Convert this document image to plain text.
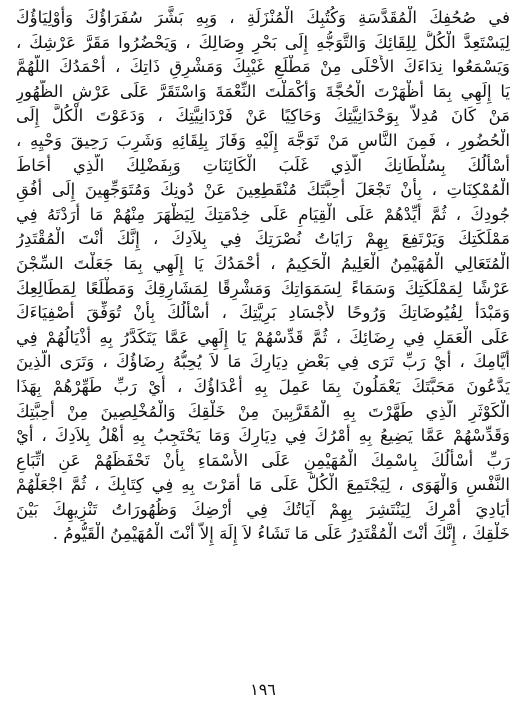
في صُحُفِكَ الْمُقَدَّسَةِ وَكُتُبِكَ الْمُنْزَلَةِ ، وَبِهِ بَشَّرَ سُفَرَاؤُكَ وَأَوْلِيَاؤُكَ
لِيَسْتَعِدَّ الْكُلُّ لِلِقَائِكَ وَالتَّوَجُّهِ إِلَى بَحْرِ وِصَالِكَ ، وَيَحْضُرُوا مَقَرَّ عَرْشِكَ ،
وَيَسْمَعُوا نِدَاءَكَ الأَحْلَى مِنْ مَطْلَعِ غَيْبِكَ وَمَشْرِقِ ذَاتِكَ ، أَحْمَدُكَ اللَّهُمَّ
يَا إِلَهِي بِمَا أَظْهَرْتَ الْحُجَّةَ وَأَكْمَلْتَ النِّعْمَةَ وَاسْتَقَرَّ عَلَى عَرْشِ الظُّهُورِ
مَنْ كَانَ مُدِلاًّ بِوَحْدَانِيَّتِكَ وَحَاكِيًا عَنْ فَرْدَانِيَّتِكَ ، وَدَعَوْتَ الْكُلَّ إِلَى
الْحُضُورِ ، فَمِنَ النَّاسِ مَنْ تَوَجَّهَ إِلَيْهِ وَفَازَ بِلِقَائِهِ وَشَرِبَ رَحِيقَ وَحْيِهِ ،
أَسْأَلُكَ بِسُلْطَانِكَ الَّذِي غَلَبَ الْكَائِنَاتِ وَبِفَضْلِكَ الَّذِي أَحَاطَ
الْمُمْكِنَاتِ ، بِأَنْ تَجْعَلَ أَحِبَّتَكَ مُنْقَطِعِينَ عَنْ دُونِكَ وَمُتَوَجِّهِينَ إِلَى أُفُقِ
جُودِكَ ، ثُمَّ أَيِّدْهُمْ عَلَى الْقِيَامِ عَلَى خِدْمَتِكَ لِيَظْهَرَ مِنْهُمْ مَا أَرَدْتَهُ فِي
مَمْلَكَتِكَ وَيَرْتَفِعَ بِهِمْ رَايَاتُ نُصْرَتِكَ فِي بِلاَدِكَ ، إِنَّكَ أَنْتَ الْمُقْتَدِرُ
الْمُتَعَالِي الْمُهَيْمِنُ الْعَلِيمُ الْحَكِيمُ ، أَحْمَدُكَ يَا إِلَهِي بِمَا جَعَلْتَ السِّجْنَ
عَرْشًا لِمَمْلَكَتِكَ وَسَمَاءً لِسَمَوَاتِكَ وَمَشْرِقًا لِمَشَارِقِكَ وَمَطْلَعًا لِمَطَالِعِكَ
وَمَبْدَأً لِفُيُوضَاتِكَ وَرُوحًا لأَجْسَادِ بَرِيَّتِكَ ، أَسْأَلُكَ بِأَنْ تُوَفِّقَ أَصْفِيَاءَكَ
عَلَى الْعَمَلِ فِي رِضَائِكَ ، ثُمَّ قَدِّسْهُمْ يَا إِلَهِي عَمَّا يَتَكَدَّرُ بِهِ أَذْيَالُهُمْ فِي
أَيَّامِكَ ، أَيْ رَبِّ تَرَى فِي بَعْضِ دِيَارِكَ مَا لاَ يُحِبُّهُ رِضَاؤُكَ ، وَتَرَى الَّذِينَ
يَدَّعُونَ مَحَبَّتَكَ يَعْمَلُونَ بِمَا عَمِلَ بِهِ أَعْدَاؤُكَ ، أَيْ رَبِّ طَهِّرْهُمْ بِهَذَا
الْكَوْثَرِ الَّذِي طَهَّرْتَ بِهِ الْمُقَرَّبِينَ مِنْ خَلْقِكَ وَالْمُخْلِصِينَ مِنْ أَحِبَّتِكَ
وَقَدِّسْهُمْ عَمَّا يَضِيعُ بِهِ أَمْرُكَ فِي دِيَارِكَ وَمَا يَحْتَجِبُ بِهِ أَهْلُ بِلاَدِكَ ، أَيْ
رَبِّ أَسْأَلُكَ بِاسْمِكَ الْمُهَيْمِنِ عَلَى الأَسْمَاءِ بِأَنْ تَحْفَظَهُمْ عَنِ اتِّبَاعِ
النَّفْسِ وَالْهَوَى ، لِيَجْتَمِعَ الْكُلُّ عَلَى مَا أَمَرْتَ بِهِ فِي كِتَابِكَ ، ثُمَّ اجْعَلْهُمْ
أَيَادِيَ أَمْرِكَ لِيَنْتَشِرَ بِهِمْ آيَاتُكَ فِي أَرْضِكَ وَظُهُورَاتُ تَنْزِيهِكَ بَيْنَ
خَلْقِكَ ، إِنَّكَ أَنْتَ الْمُقْتَدِرُ عَلَى مَا تَشَاءُ لاَ إِلَهَ إِلاَّ أَنْتَ الْمُهَيْمِنُ الْقَيُّومُ .
١٩٦
